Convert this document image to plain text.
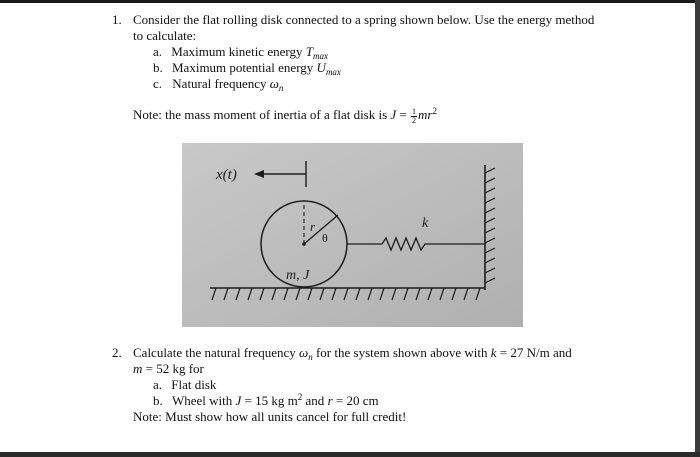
1. Consider the flat rolling disk connected to a spring shown below. Use the energy method
to calculate:
a. Maximum kinetic energy $T_{max}$
b. Maximum potential energy $U_{max}$
c. Natural frequency $\omega_n$
Note: the mass moment of inertia of a flat disk is $J = \frac{1}{2} mr^2$
x(t)
r
θ
k
m, J
2. Calculate the natural frequency $\omega_n$ for the system shown above with k = 27 N/m and
m = 52 kg for
a. Flat disk
b. Wheel with J = 15 kg $m^2$ and r = 20 cm
Note: Must show how all units cancel for full credit!
